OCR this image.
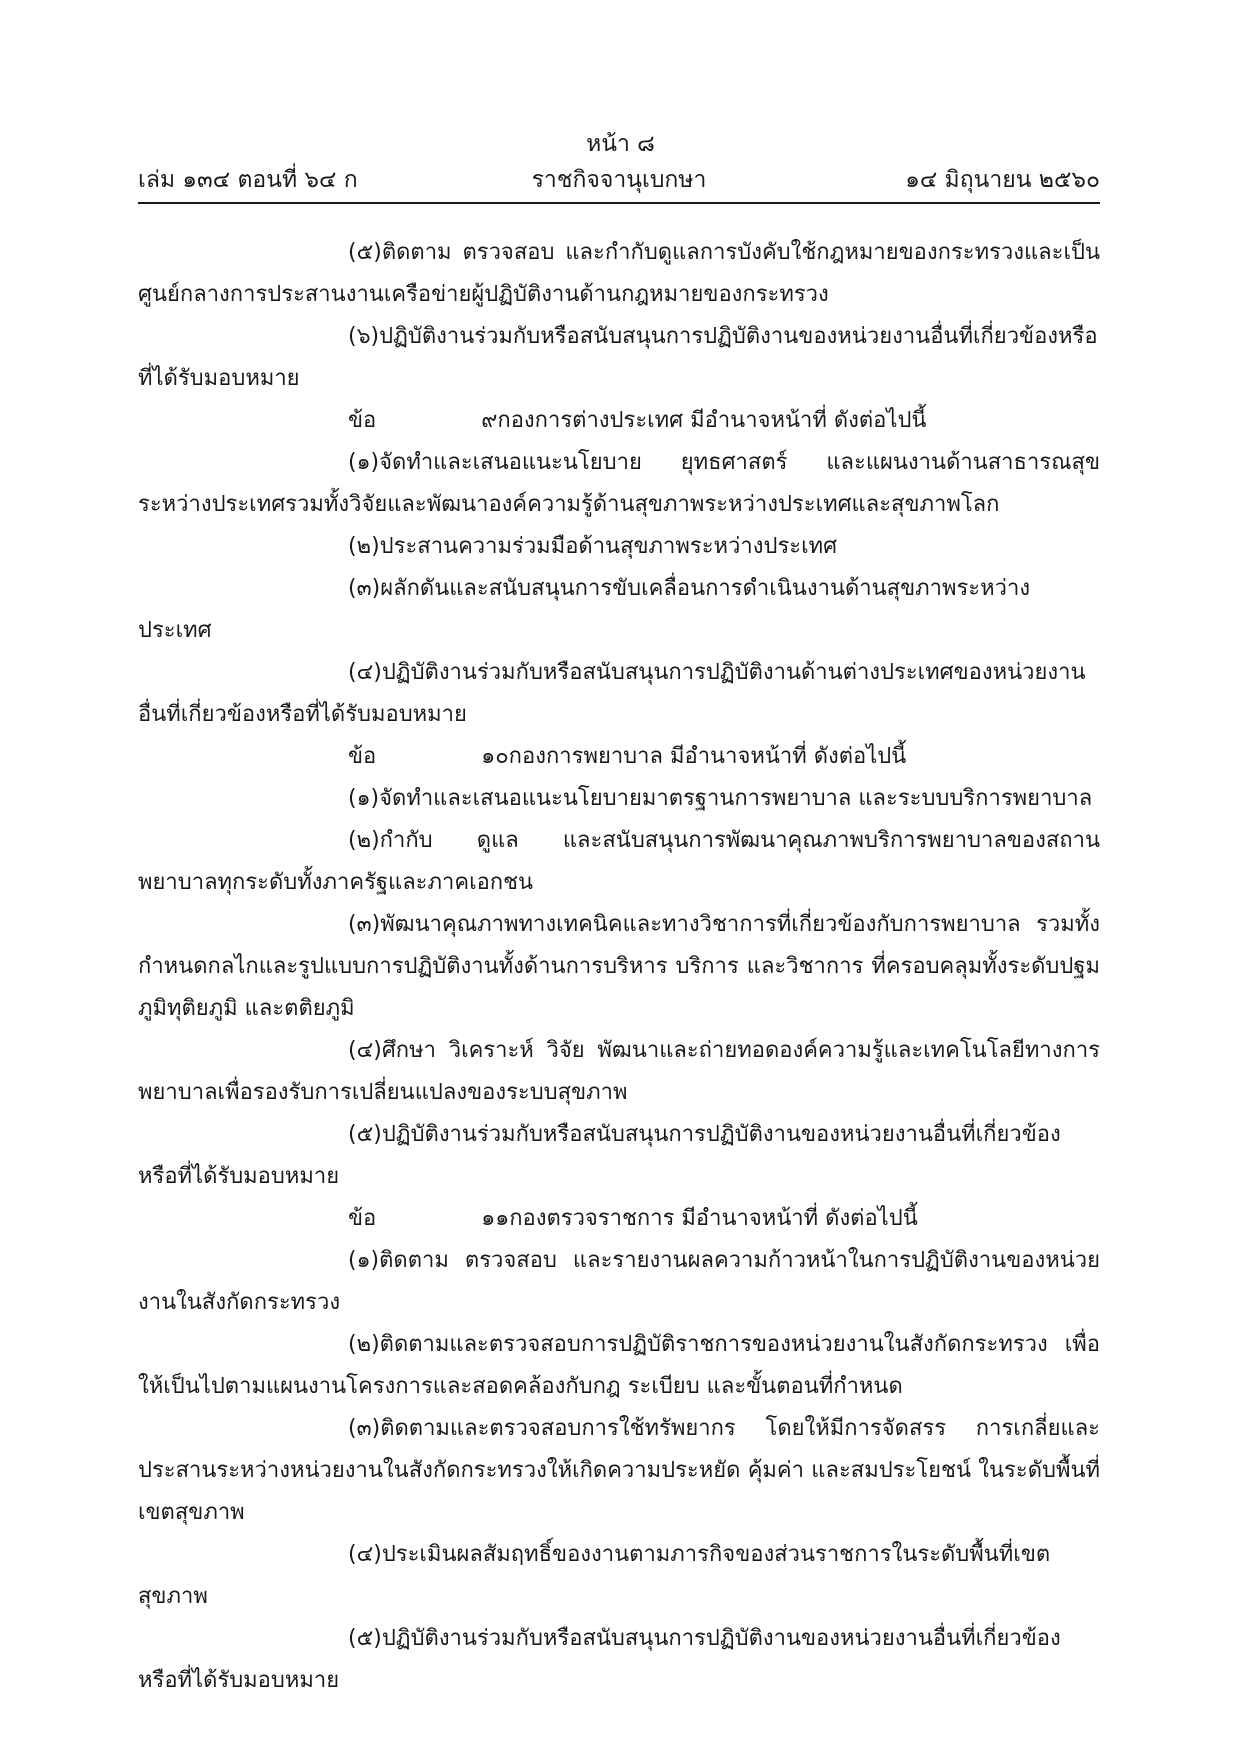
หน้า ๘
เล่ม ๑๓๔ ตอนที่ ๖๔ ก	ราชกิจจานุเบกษา	๑๔ มิถุนายน ๒๕๖๐

(๕)ติดตาม ตรวจสอบ และกำกับดูแลการบังคับใช้กฎหมายของกระทรวงและเป็นศูนย์กลางการประสานงานเครือข่ายผู้ปฏิบัติงานด้านกฎหมายของกระทรวง

(๖)ปฏิบัติงานร่วมกับหรือสนับสนุนการปฏิบัติงานของหน่วยงานอื่นที่เกี่ยวข้องหรือที่ได้รับมอบหมาย

ข้อ	๙กองการต่างประเทศ มีอำนาจหน้าที่ ดังต่อไปนี้

(๑)จัดทำและเสนอแนะนโยบาย ยุทธศาสตร์ และแผนงานด้านสาธารณสุขระหว่างประเทศรวมทั้งวิจัยและพัฒนาองค์ความรู้ด้านสุขภาพระหว่างประเทศและสุขภาพโลก

(๒)ประสานความร่วมมือด้านสุขภาพระหว่างประเทศ

(๓)ผลักดันและสนับสนุนการขับเคลื่อนการดำเนินงานด้านสุขภาพระหว่างประเทศ

(๔)ปฏิบัติงานร่วมกับหรือสนับสนุนการปฏิบัติงานด้านต่างประเทศของหน่วยงานอื่นที่เกี่ยวข้องหรือที่ได้รับมอบหมาย

ข้อ	๑๐กองการพยาบาล มีอำนาจหน้าที่ ดังต่อไปนี้

(๑)จัดทำและเสนอแนะนโยบายมาตรฐานการพยาบาล และระบบบริการพยาบาล

(๒)กำกับ ดูแล และสนับสนุนการพัฒนาคุณภาพบริการพยาบาลของสถานพยาบาลทุกระดับทั้งภาครัฐและภาคเอกชน

(๓)พัฒนาคุณภาพทางเทคนิคและทางวิชาการที่เกี่ยวข้องกับการพยาบาล รวมทั้งกำหนดกลไกและรูปแบบการปฏิบัติงานทั้งด้านการบริหาร บริการ และวิชาการ ที่ครอบคลุมทั้งระดับปฐมภูมิทุติยภูมิ และตติยภูมิ

(๔)ศึกษา วิเคราะห์ วิจัย พัฒนาและถ่ายทอดองค์ความรู้และเทคโนโลยีทางการพยาบาลเพื่อรองรับการเปลี่ยนแปลงของระบบสุขภาพ

(๕)ปฏิบัติงานร่วมกับหรือสนับสนุนการปฏิบัติงานของหน่วยงานอื่นที่เกี่ยวข้องหรือที่ได้รับมอบหมาย

ข้อ	๑๑กองตรวจราชการ มีอำนาจหน้าที่ ดังต่อไปนี้

(๑)ติดตาม ตรวจสอบ และรายงานผลความก้าวหน้าในการปฏิบัติงานของหน่วยงานในสังกัดกระทรวง

(๒)ติดตามและตรวจสอบการปฏิบัติราชการของหน่วยงานในสังกัดกระทรวง เพื่อให้เป็นไปตามแผนงานโครงการและสอดคล้องกับกฎ ระเบียบ และขั้นตอนที่กำหนด

(๓)ติดตามและตรวจสอบการใช้ทรัพยากร โดยให้มีการจัดสรร การเกลี่ยและประสานระหว่างหน่วยงานในสังกัดกระทรวงให้เกิดความประหยัด คุ้มค่า และสมประโยชน์ ในระดับพื้นที่เขตสุขภาพ

(๔)ประเมินผลสัมฤทธิ์ของงานตามภารกิจของส่วนราชการในระดับพื้นที่เขตสุขภาพ

(๕)ปฏิบัติงานร่วมกับหรือสนับสนุนการปฏิบัติงานของหน่วยงานอื่นที่เกี่ยวข้องหรือที่ได้รับมอบหมาย
